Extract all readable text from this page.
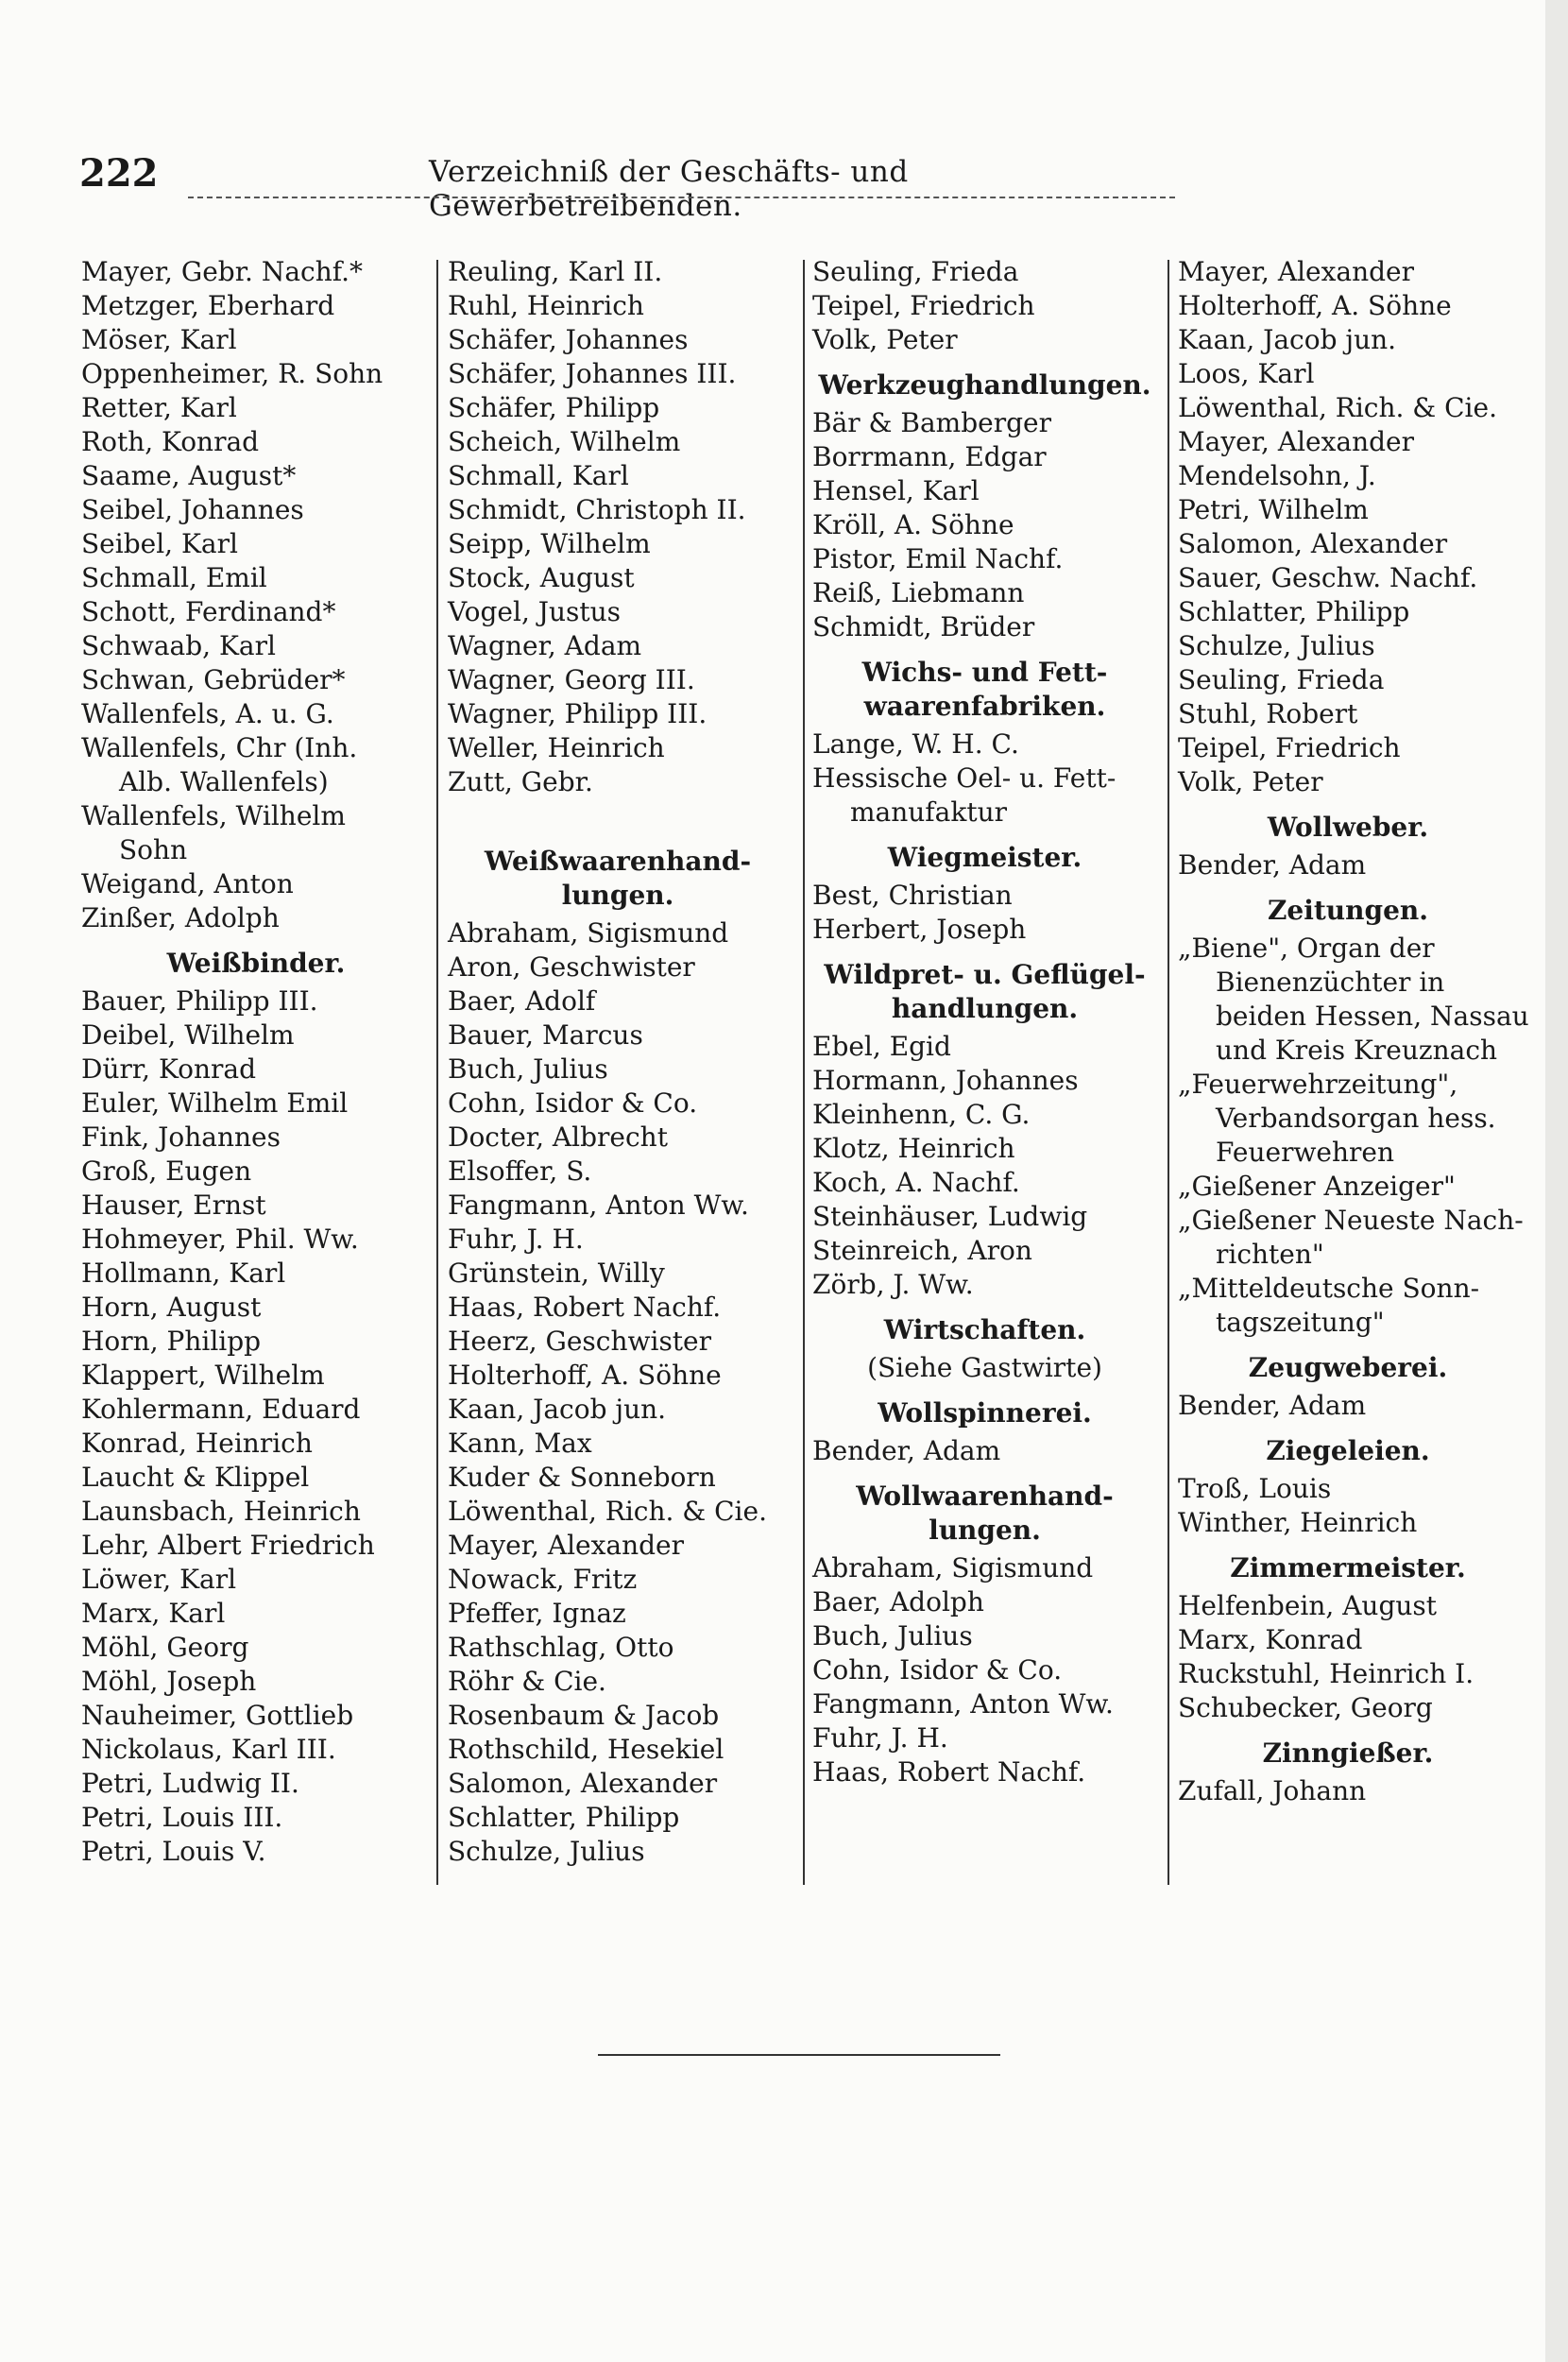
222	Verzeichniß der Geschäfts- und Gewerbetreibenden.
Mayer, Gebr. Nachf.*
Metzger, Eberhard
Möser, Karl
Oppenheimer, R. Sohn
Retter, Karl
Roth, Konrad
Saame, August*
Seibel, Johannes
Seibel, Karl
Schmall, Emil
Schott, Ferdinand*
Schwaab, Karl
Schwan, Gebrüder*
Wallenfels, A. u. G.
Wallenfels, Chr (Inh.
Alb. Wallenfels)
Wallenfels, Wilhelm
Sohn
Weigand, Anton
Zinßer, Adolph
Weißbinder.
Bauer, Philipp III.
Deibel, Wilhelm
Dürr, Konrad
Euler, Wilhelm Emil
Fink, Johannes
Groß, Eugen
Hauser, Ernst
Hohmeyer, Phil. Ww.
Hollmann, Karl
Horn, August
Horn, Philipp
Klappert, Wilhelm
Kohlermann, Eduard
Konrad, Heinrich
Laucht & Klippel
Launsbach, Heinrich
Lehr, Albert Friedrich
Löwer, Karl
Marx, Karl
Möhl, Georg
Möhl, Joseph
Nauheimer, Gottlieb
Nickolaus, Karl III.
Petri, Ludwig II.
Petri, Louis III.
Petri, Louis V.
Reuling, Karl II.
Ruhl, Heinrich
Schäfer, Johannes
Schäfer, Johannes III.
Schäfer, Philipp
Scheich, Wilhelm
Schmall, Karl
Schmidt, Christoph II.
Seipp, Wilhelm
Stock, August
Vogel, Justus
Wagner, Adam
Wagner, Georg III.
Wagner, Philipp III.
Weller, Heinrich
Zutt, Gebr.
Weißwaarenhand-
lungen.
Abraham, Sigismund
Aron, Geschwister
Baer, Adolf
Bauer, Marcus
Buch, Julius
Cohn, Isidor & Co.
Docter, Albrecht
Elsoffer, S.
Fangmann, Anton Ww.
Fuhr, J. H.
Grünstein, Willy
Haas, Robert Nachf.
Heerz, Geschwister
Holterhoff, A. Söhne
Kaan, Jacob jun.
Kann, Max
Kuder & Sonneborn
Löwenthal, Rich. & Cie.
Mayer, Alexander
Nowack, Fritz
Pfeffer, Ignaz
Rathschlag, Otto
Röhr & Cie.
Rosenbaum & Jacob
Rothschild, Hesekiel
Salomon, Alexander
Schlatter, Philipp
Schulze, Julius
Seuling, Frieda
Teipel, Friedrich
Volk, Peter
Werkzeughandlungen.
Bär & Bamberger
Borrmann, Edgar
Hensel, Karl
Kröll, A. Söhne
Pistor, Emil Nachf.
Reiß, Liebmann
Schmidt, Brüder
Wichs- und Fett-
waarenfabriken.
Lange, W. H. C.
Hessische Oel- u. Fett-
manufaktur
Wiegmeister.
Best, Christian
Herbert, Joseph
Wildpret- u. Geflügel-
handlungen.
Ebel, Egid
Hormann, Johannes
Kleinhenn, C. G.
Klotz, Heinrich
Koch, A. Nachf.
Steinhäuser, Ludwig
Steinreich, Aron
Zörb, J. Ww.
Wirtschaften.
(Siehe Gastwirte)
Wollspinnerei.
Bender, Adam
Wollwaarenhand-
lungen.
Abraham, Sigismund
Baer, Adolph
Buch, Julius
Cohn, Isidor & Co.
Fangmann, Anton Ww.
Fuhr, J. H.
Haas, Robert Nachf.
Mayer, Alexander
Holterhoff, A. Söhne
Kaan, Jacob jun.
Loos, Karl
Löwenthal, Rich. & Cie.
Mayer, Alexander
Mendelsohn, J.
Petri, Wilhelm
Salomon, Alexander
Sauer, Geschw. Nachf.
Schlatter, Philipp
Schulze, Julius
Seuling, Frieda
Stuhl, Robert
Teipel, Friedrich
Volk, Peter
Wollweber.
Bender, Adam
Zeitungen.
„Biene", Organ der
Bienenzüchter in
beiden Hessen, Nassau
und Kreis Kreuznach
„Feuerwehrzeitung",
Verbandsorgan hess.
Feuerwehren
„Gießener Anzeiger"
„Gießener Neueste Nach-
richten"
„Mitteldeutsche Sonn-
tagszeitung"
Zeugweberei.
Bender, Adam
Ziegeleien.
Troß, Louis
Winther, Heinrich
Zimmermeister.
Helfenbein, August
Marx, Konrad
Ruckstuhl, Heinrich I.
Schubecker, Georg
Zinngießer.
Zufall, Johann
